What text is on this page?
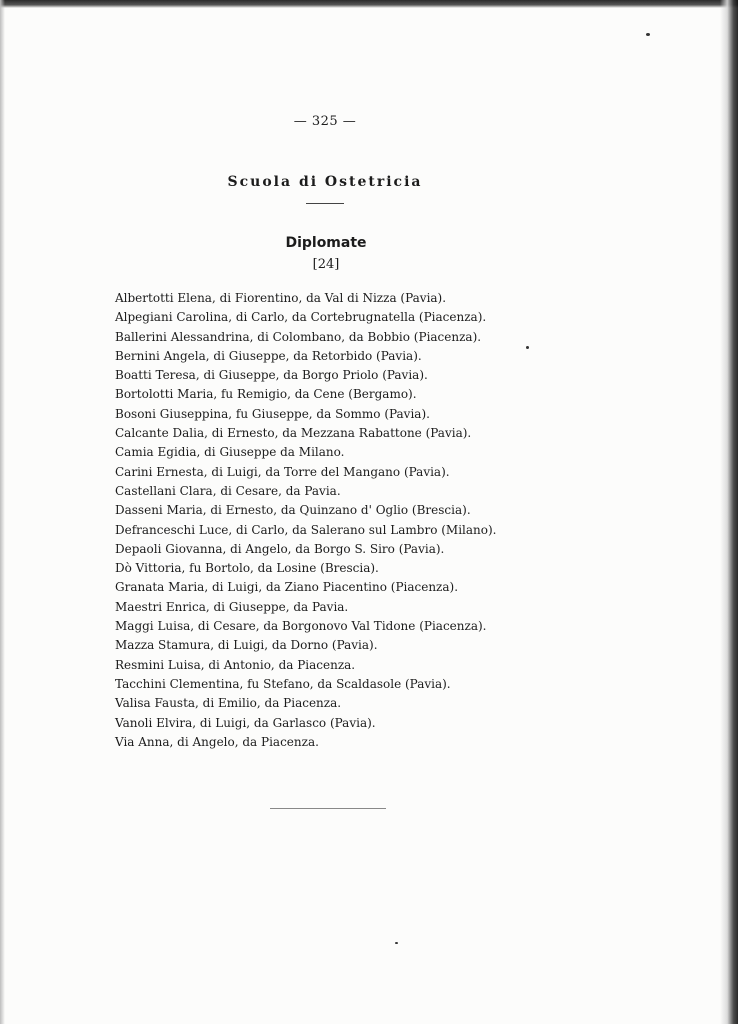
— 325 —
Scuola di Ostetricia
Diplomate
[24]
Albertotti Elena, di Fiorentino, da Val di Nizza (Pavia).
Alpegiani Carolina, di Carlo, da Cortebrugnatella (Piacenza).
Ballerini Alessandrina, di Colombano, da Bobbio (Piacenza).
Bernini Angela, di Giuseppe, da Retorbido (Pavia).
Boatti Teresa, di Giuseppe, da Borgo Priolo (Pavia).
Bortolotti Maria, fu Remigio, da Cene (Bergamo).
Bosoni Giuseppina, fu Giuseppe, da Sommo (Pavia).
Calcante Dalia, di Ernesto, da Mezzana Rabattone (Pavia).
Camia Egidia, di Giuseppe da Milano.
Carini Ernesta, di Luigi, da Torre del Mangano (Pavia).
Castellani Clara, di Cesare, da Pavia.
Dasseni Maria, di Ernesto, da Quinzano d' Oglio (Brescia).
Defranceschi Luce, di Carlo, da Salerano sul Lambro (Milano).
Depaoli Giovanna, di Angelo, da Borgo S. Siro (Pavia).
Dò Vittoria, fu Bortolo, da Losine (Brescia).
Granata Maria, di Luigi, da Ziano Piacentino (Piacenza).
Maestri Enrica, di Giuseppe, da Pavia.
Maggi Luisa, di Cesare, da Borgonovo Val Tidone (Piacenza).
Mazza Stamura, di Luigi, da Dorno (Pavia).
Resmini Luisa, di Antonio, da Piacenza.
Tacchini Clementina, fu Stefano, da Scaldasole (Pavia).
Valisa Fausta, di Emilio, da Piacenza.
Vanoli Elvira, di Luigi, da Garlasco (Pavia).
Via Anna, di Angelo, da Piacenza.
